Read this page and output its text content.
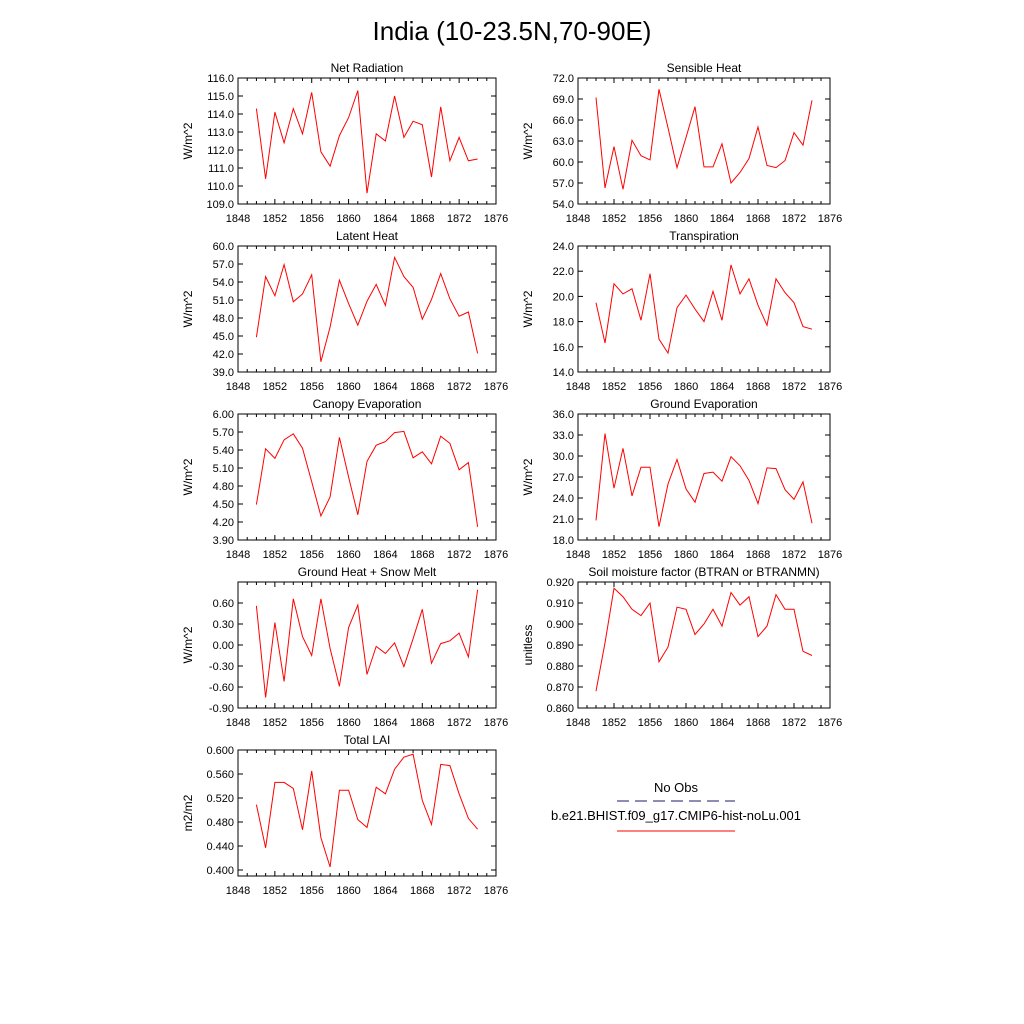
India (10-23.5N,70-90E)
Net Radiation
1848 1852 1856 1860 1864 1868 1872 1876
109.0
110.0
111.0
112.0
113.0
114.0
115.0
116.0
W/m^2
Sensible Heat
1848 1852 1856 1860 1864 1868 1872 1876
54.0
57.0
60.0
63.0
66.0
69.0
72.0
W/m^2
Latent Heat
1848 1852 1856 1860 1864 1868 1872 1876
39.0
42.0
45.0
48.0
51.0
54.0
57.0
60.0
W/m^2
Transpiration
1848 1852 1856 1860 1864 1868 1872 1876
14.0
16.0
18.0
20.0
22.0
24.0
W/m^2
Canopy Evaporation
1848 1852 1856 1860 1864 1868 1872 1876
3.90
4.20
4.50
4.80
5.10
5.40
5.70
6.00
W/m^2
Ground Evaporation
1848 1852 1856 1860 1864 1868 1872 1876
18.0
21.0
24.0
27.0
30.0
33.0
36.0
W/m^2
Ground Heat + Snow Melt
1848 1852 1856 1860 1864 1868 1872 1876
-0.90
-0.60
-0.30
0.00
0.30
0.60
W/m^2
Soil moisture factor (BTRAN or BTRANMN)
1848 1852 1856 1860 1864 1868 1872 1876
0.860
0.870
0.880
0.890
0.900
0.910
0.920
unitless
Total LAI
1848 1852 1856 1860 1864 1868 1872 1876
0.400
0.440
0.480
0.520
0.560
0.600
m2/m2
No Obs
b.e21.BHIST.f09_g17.CMIP6-hist-noLu.001
